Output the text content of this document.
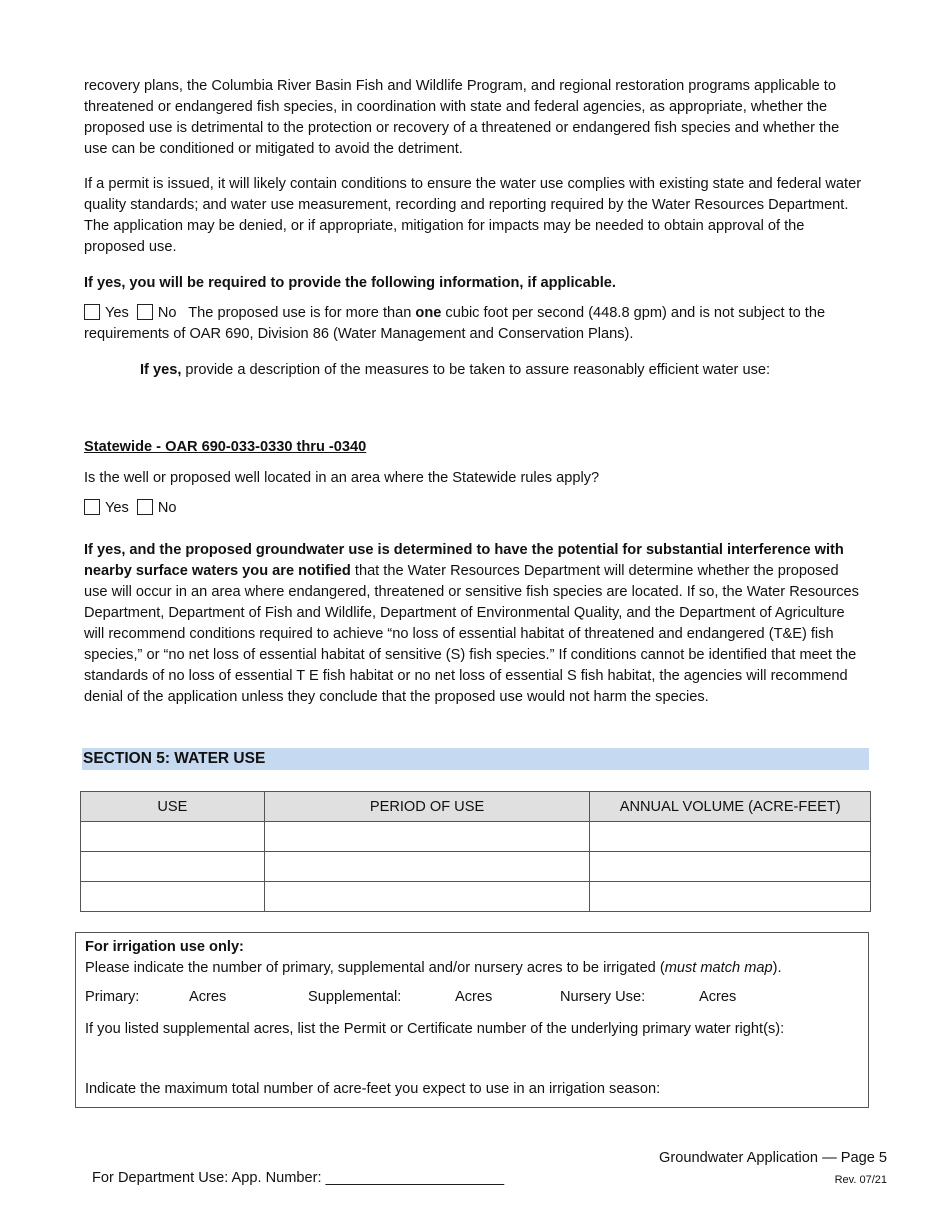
recovery plans, the Columbia River Basin Fish and Wildlife Program, and regional restoration programs applicable to threatened or endangered fish species, in coordination with state and federal agencies, as appropriate, whether the proposed use is detrimental to the protection or recovery of a threatened or endangered fish species and whether the use can be conditioned or mitigated to avoid the detriment.

If a permit is issued, it will likely contain conditions to ensure the water use complies with existing state and federal water quality standards; and water use measurement, recording and reporting required by the Water Resources Department. The application may be denied, or if appropriate, mitigation for impacts may be needed to obtain approval of the proposed use.

If yes, you will be required to provide the following information, if applicable.

Yes No The proposed use is for more than one cubic foot per second (448.8 gpm) and is not subject to the requirements of OAR 690, Division 86 (Water Management and Conservation Plans).

If yes, provide a description of the measures to be taken to assure reasonably efficient water use:

Statewide - OAR 690-033-0330 thru -0340

Is the well or proposed well located in an area where the Statewide rules apply?

Yes No

If yes, and the proposed groundwater use is determined to have the potential for substantial interference with nearby surface waters you are notified that the Water Resources Department will determine whether the proposed use will occur in an area where endangered, threatened or sensitive fish species are located. If so, the Water Resources Department, Department of Fish and Wildlife, Department of Environmental Quality, and the Department of Agriculture will recommend conditions required to achieve “no loss of essential habitat of threatened and endangered (T&E) fish species,” or “no net loss of essential habitat of sensitive (S) fish species.” If conditions cannot be identified that meet the standards of no loss of essential T E fish habitat or no net loss of essential S fish habitat, the agencies will recommend denial of the application unless they conclude that the proposed use would not harm the species.

SECTION 5: WATER USE
USE	PERIOD OF USE	ANNUAL VOLUME (ACRE-FEET)

For irrigation use only:

Please indicate the number of primary, supplemental and/or nursery acres to be irrigated (must match map).

Primary:	Acres	Supplemental:	Acres	Nursery Use:	Acres

If you listed supplemental acres, list the Permit or Certificate number of the underlying primary water right(s):

Indicate the maximum total number of acre-feet you expect to use in an irrigation season:

Groundwater Application — Page 5
For Department Use: App. Number: ______________________	Rev. 07/21
